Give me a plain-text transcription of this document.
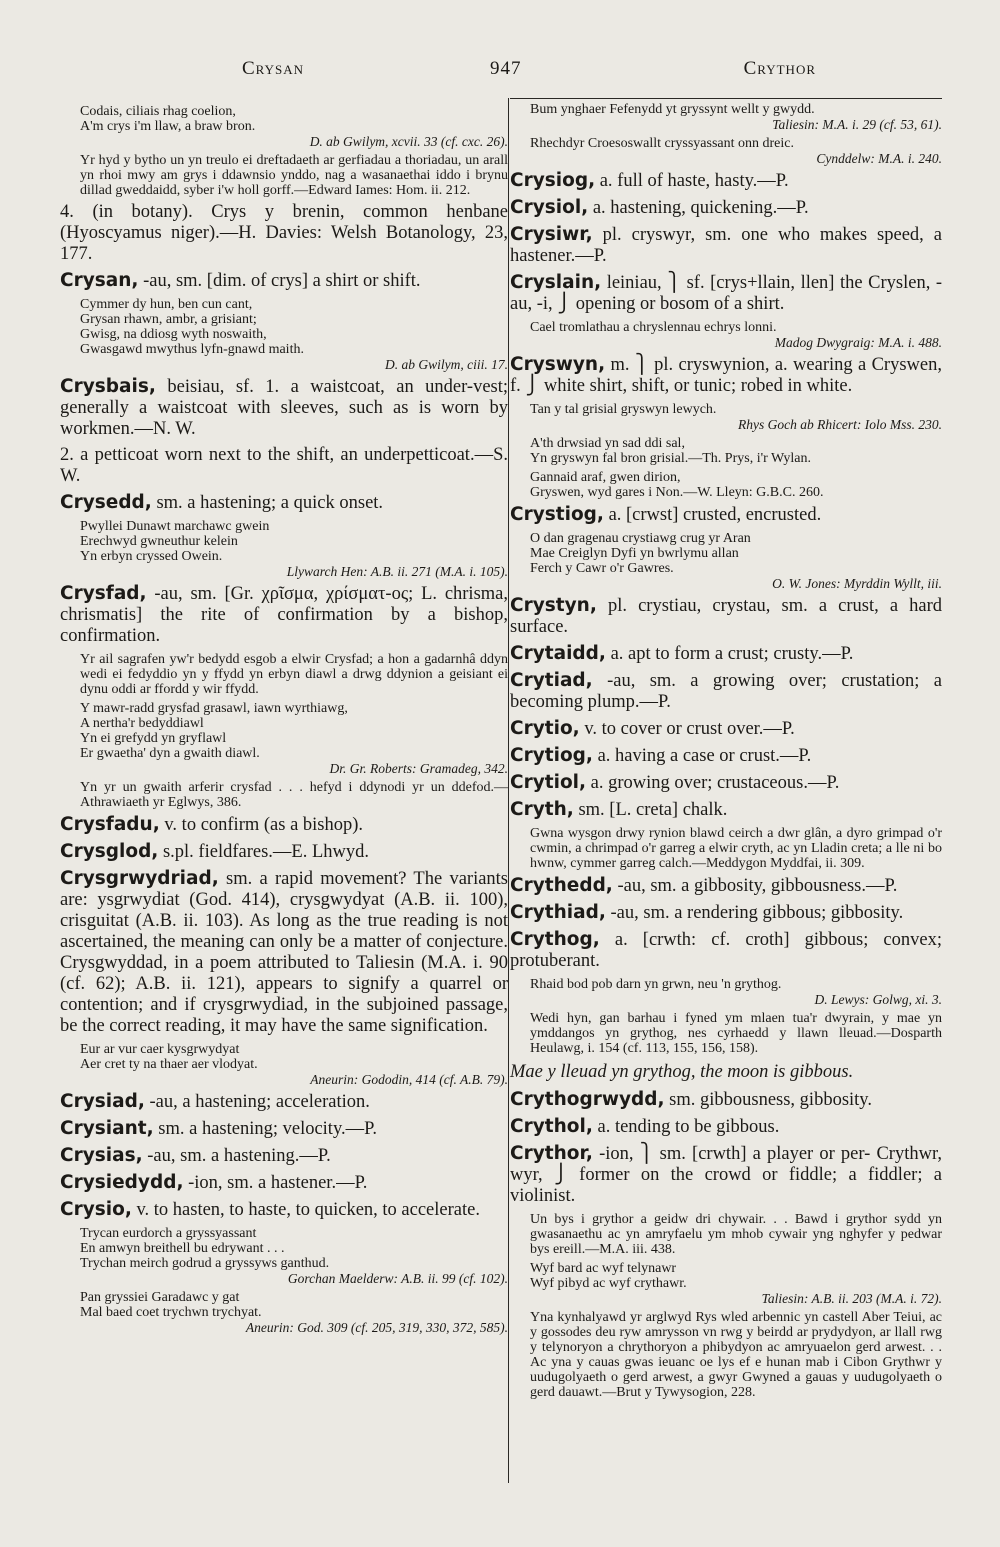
Crysan	947	Crythor
Codais, ciliais rhag coelion,
A'm crys i'm llaw, a braw bron.
D. ab Gwilym, xcvii. 33 (cf. cxc. 26).
Yr hyd y bytho un yn treulo ei dreftadaeth ar gerfiadau a thoriadau, un arall yn rhoi mwy am grys i ddawnsio ynddo, nag a wasanaethai iddo i brynu dillad gweddaidd, syber i'w holl gorff.—Edward Iames: Hom. ii. 212.
4. (in botany). Crys y brenin, common henbane (Hyoscyamus niger).—H. Davies: Welsh Botanology, 23, 177.
Crysan, -au, sm. [dim. of crys] a shirt or shift.
Cymmer dy hun, ben cun cant,
Grysan rhawn, ambr, a grisiant;
Gwisg, na ddiosg wyth noswaith,
Gwasgawd mwythus lyfn-gnawd maith.
D. ab Gwilym, ciii. 17.
Crysbais, beisiau, sf. 1. a waistcoat, an under-vest; generally a waistcoat with sleeves, such as is worn by workmen.—N. W.
2. a petticoat worn next to the shift, an underpetticoat.—S. W.
Crysedd, sm. a hastening; a quick onset.
Pwyllei Dunawt marchawc gwein
Erechwyd gwneuthur kelein
Yn erbyn cryssed Owein.
Llywarch Hen: A.B. ii. 271 (M.A. i. 105).
Crysfad, -au, sm. [Gr. χρῖσμα, χρίσματ-ος; L. chrisma, chrismatis] the rite of confirmation by a bishop, confirmation.
Yr ail sagrafen yw'r bedydd esgob a elwir Crysfad; a hon a gadarnhâ ddyn wedi ei fedyddio yn y ffydd yn erbyn diawl a drwg ddynion a geisiant ei dynu oddi ar ffordd y wir ffydd.
Y mawr-radd grysfad grasawl, iawn wyrthiawg,
A nertha'r bedyddiawl
Yn ei grefydd yn gryflawl
Er gwaetha' dyn a gwaith diawl.
Dr. Gr. Roberts: Gramadeg, 342.
Yn yr un gwaith arferir crysfad . . . hefyd i ddynodi yr un ddefod.—Athrawiaeth yr Eglwys, 386.
Crysfadu, v. to confirm (as a bishop).
Crysglod, s.pl. fieldfares.—E. Lhwyd.
Crysgrwydriad, sm. a rapid movement? The variants are: ysgrwydiat (God. 414), crysgwydyat (A.B. ii. 100), crisguitat (A.B. ii. 103). As long as the true reading is not ascertained, the meaning can only be a matter of conjecture. Crysgwyddad, in a poem attributed to Taliesin (M.A. i. 90 (cf. 62); A.B. ii. 121), appears to signify a quarrel or contention; and if crysgrwydiad, in the subjoined passage, be the correct reading, it may have the same signification.
Eur ar vur caer kysgrwydyat
Aer cret ty na thaer aer vlodyat.
Aneurin: Gododin, 414 (cf. A.B. 79).
Crysiad, -au, a hastening; acceleration.
Crysiant, sm. a hastening; velocity.—P.
Crysias, -au, sm. a hastening.—P.
Crysiedydd, -ion, sm. a hastener.—P.
Crysio, v. to hasten, to haste, to quicken, to accelerate.
Trycan eurdorch a gryssyassant
En amwyn breithell bu edrywant . . .
Trychan meirch godrud a gryssyws ganthud.
Gorchan Maelderw: A.B. ii. 99 (cf. 102).
Pan gryssiei Garadawc y gat
Mal baed coet trychwn trychyat.
Aneurin: God. 309 (cf. 205, 319, 330, 372, 585).
Bum ynghaer Fefenydd yt gryssynt wellt y gwydd.
Taliesin: M.A. i. 29 (cf. 53, 61).
Rhechdyr Croesoswallt cryssyassant onn dreic.
Cynddelw: M.A. i. 240.
Crysiog, a. full of haste, hasty.—P.
Crysiol, a. hastening, quickening.—P.
Crysiwr, pl. cryswyr, sm. one who makes speed, a hastener.—P.
Cryslain, leiniau, ⎫ sf. [crys+llain, llen] the Cryslen, -au, -i, ⎭ opening or bosom of a shirt.
Cael tromlathau a chryslennau echrys lonni.
Madog Dwygraig: M.A. i. 488.
Cryswyn, m. ⎫ pl. cryswynion, a. wearing a Cryswen, f. ⎭ white shirt, shift, or tunic; robed in white.
Tan y tal grisial gryswyn lewych.
Rhys Goch ab Rhicert: Iolo Mss. 230.
A'th drwsiad yn sad ddi sal,
Yn gryswyn fal bron grisial.—Th. Prys, i'r Wylan.
Gannaid araf, gwen dirion,
Gryswen, wyd gares i Non.—W. Lleyn: G.B.C. 260.
Crystiog, a. [crwst] crusted, encrusted.
O dan gragenau crystiawg crug yr Aran
Mae Creiglyn Dyfi yn bwrlymu allan
Ferch y Cawr o'r Gawres.
O. W. Jones: Myrddin Wyllt, iii.
Crystyn, pl. crystiau, crystau, sm. a crust, a hard surface.
Crytaidd, a. apt to form a crust; crusty.—P.
Crytiad, -au, sm. a growing over; crustation; a becoming plump.—P.
Crytio, v. to cover or crust over.—P.
Crytiog, a. having a case or crust.—P.
Crytiol, a. growing over; crustaceous.—P.
Cryth, sm. [L. creta] chalk.
Gwna wysgon drwy rynion blawd ceirch a dwr glân, a dyro grimpad o'r cwmin, a chrimpad o'r garreg a elwir cryth, ac yn Lladin creta; a lle ni bo hwnw, cymmer garreg calch.—Meddygon Myddfai, ii. 309.
Crythedd, -au, sm. a gibbosity, gibbousness.—P.
Crythiad, -au, sm. a rendering gibbous; gibbosity.
Crythog, a. [crwth: cf. croth] gibbous; convex; protuberant.
Rhaid bod pob darn yn grwn, neu 'n grythog.
D. Lewys: Golwg, xi. 3.
Wedi hyn, gan barhau i fyned ym mlaen tua'r dwyrain, y mae yn ymddangos yn grythog, nes cyrhaedd y llawn lleuad.—Dosparth Heulawg, i. 154 (cf. 113, 155, 156, 158).
Mae y lleuad yn grythog, the moon is gibbous.
Crythogrwydd, sm. gibbousness, gibbosity.
Crythol, a. tending to be gibbous.
Crythor, -ion, ⎫ sm. [crwth] a player or per- Crythwr, wyr, ⎭ former on the crowd or fiddle; a fiddler; a violinist.
Un bys i grythor a geidw dri chywair. . . Bawd i grythor sydd yn gwasanaethu ac yn amryfaelu ym mhob cywair yng nghyfer y pedwar bys ereill.—M.A. iii. 438.
Wyf bard ac wyf telynawr
Wyf pibyd ac wyf crythawr.
Taliesin: A.B. ii. 203 (M.A. i. 72).
Yna kynhalyawd yr arglwyd Rys wled arbennic yn castell Aber Teiui, ac y gossodes deu ryw amrysson vn rwg y beirdd ar prydydyon, ar llall rwg y telynoryon a chrythoryon a phibydyon ac amryuaelon gerd arwest. . . Ac yna y cauas gwas ieuanc oe lys ef e hunan mab i Cibon Grythwr y uudugolyaeth o gerd arwest, a gwyr Gwyned a gauas y uudugolyaeth o gerd dauawt.—Brut y Tywysogion, 228.
